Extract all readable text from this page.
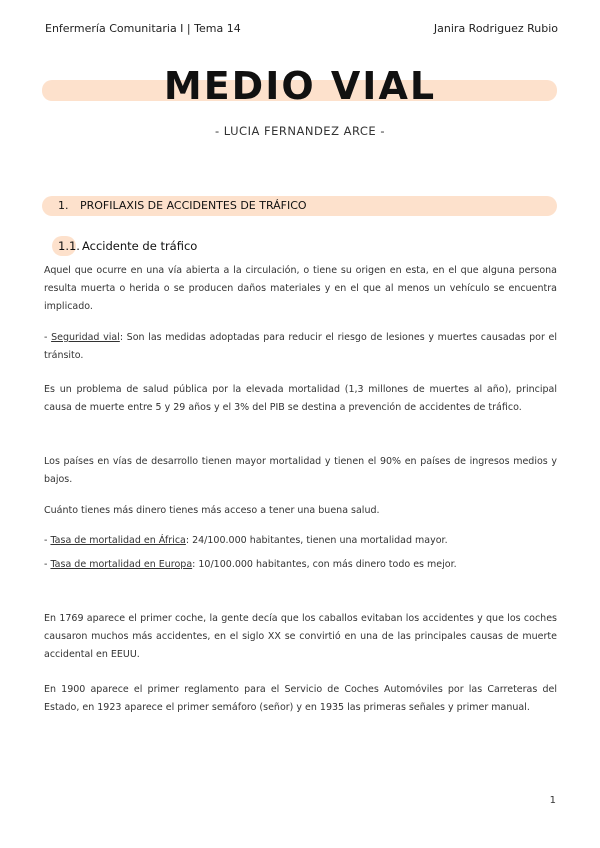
Enfermería Comunitaria I | Tema 14	Janira Rodriguez Rubio
MEDIO VIAL
- LUCIA FERNANDEZ ARCE -
1. PROFILAXIS DE ACCIDENTES DE TRÁFICO
1.1. Accidente de tráfico
Aquel que ocurre en una vía abierta a la circulación, o tiene su origen en esta, en el que alguna persona resulta muerta o herida o se producen daños materiales y en el que al menos un vehículo se encuentra implicado.
- Seguridad vial: Son las medidas adoptadas para reducir el riesgo de lesiones y muertes causadas por el tránsito.
Es un problema de salud pública por la elevada mortalidad (1,3 millones de muertes al año), principal causa de muerte entre 5 y 29 años y el 3% del PIB se destina a prevención de accidentes de tráfico.
Los países en vías de desarrollo tienen mayor mortalidad y tienen el 90% en países de ingresos medios y bajos.
Cuánto tienes más dinero tienes más acceso a tener una buena salud.
- Tasa de mortalidad en África: 24/100.000 habitantes, tienen una mortalidad mayor.
- Tasa de mortalidad en Europa: 10/100.000 habitantes, con más dinero todo es mejor.
En 1769 aparece el primer coche, la gente decía que los caballos evitaban los accidentes y que los coches causaron muchos más accidentes, en el siglo XX se convirtió en una de las principales causas de muerte accidental en EEUU.
En 1900 aparece el primer reglamento para el Servicio de Coches Automóviles por las Carreteras del Estado, en 1923 aparece el primer semáforo (señor) y en 1935 las primeras señales y primer manual.
1
